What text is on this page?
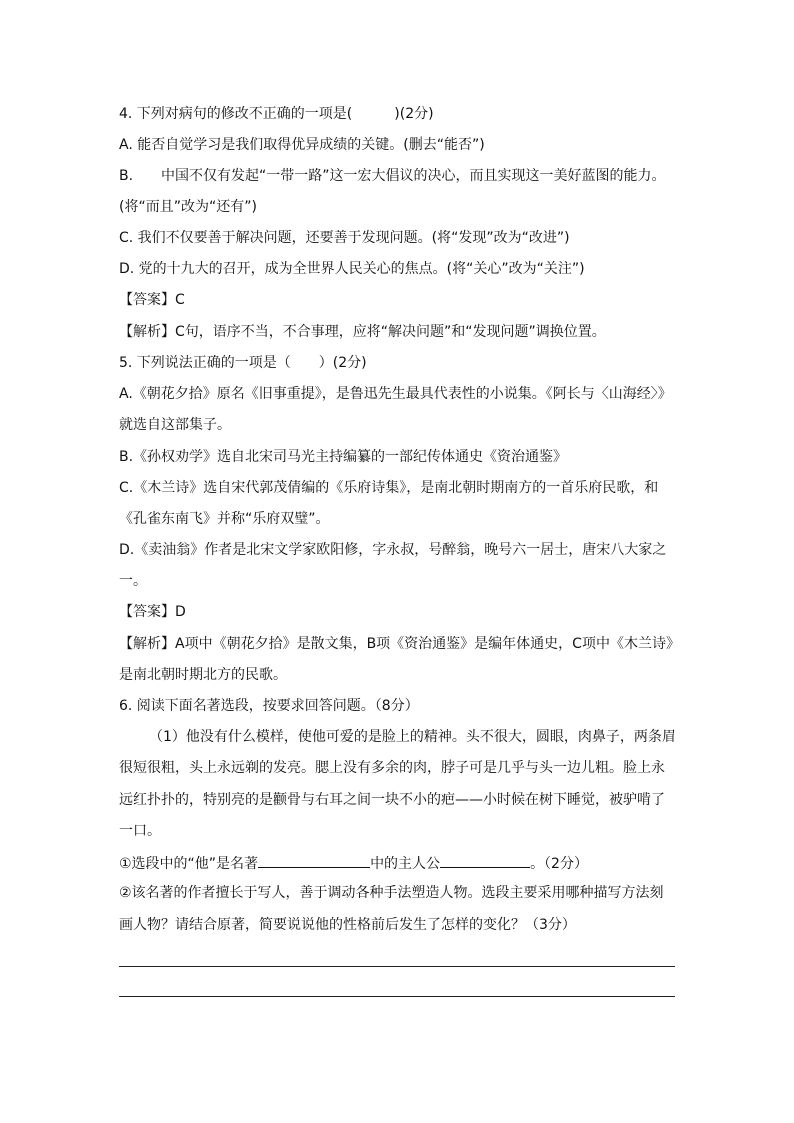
4. 下列对病句的修改不正确的一项是(　　　)(2分)
A. 能否自觉学习是我们取得优异成绩的关键。(删去“能否”)
B.　　中国不仅有发起“一带一路”这一宏大倡议的决心，而且实现这一美好蓝图的能力。
(将“而且”改为“还有”)
C. 我们不仅要善于解决问题，还要善于发现问题。(将“发现”改为“改进”)
D. 党的十九大的召开，成为全世界人民关心的焦点。(将“关心”改为“关注”)
【答案】C
【解析】C句，语序不当，不合事理，应将“解决问题”和“发现问题”调换位置。
5. 下列说法正确的一项是（　　）(2分)
A.《朝花夕拾》原名《旧事重提》，是鲁迅先生最具代表性的小说集。《阿长与〈山海经〉》
就选自这部集子。
B.《孙权劝学》选自北宋司马光主持编纂的一部纪传体通史《资治通鉴》
C.《木兰诗》选自宋代郭茂倩编的《乐府诗集》，是南北朝时期南方的一首乐府民歌，和
《孔雀东南飞》并称“乐府双璧”。
D.《卖油翁》作者是北宋文学家欧阳修，字永叔，号醉翁，晚号六一居士，唐宋八大家之
一。
【答案】D
【解析】A项中《朝花夕拾》是散文集，B项《资治通鉴》是编年体通史，C项中《木兰诗》
是南北朝时期北方的民歌。
6. 阅读下面名著选段，按要求回答问题。（8分）
（1）他没有什么模样，使他可爱的是脸上的精神。头不很大，圆眼，肉鼻子，两条眉
很短很粗，头上永远剃的发亮。腮上没有多余的肉，脖子可是几乎与头一边儿粗。脸上永
远红扑扑的，特别亮的是颧骨与右耳之间一块不小的疤——小时候在树下睡觉，被驴啃了
一口。
①选段中的“他”是名著	中的主人公	。（2分）
②该名著的作者擅长于写人，善于调动各种手法塑造人物。选段主要采用哪种描写方法刻
画人物？请结合原著，简要说说他的性格前后发生了怎样的变化？（3分）
